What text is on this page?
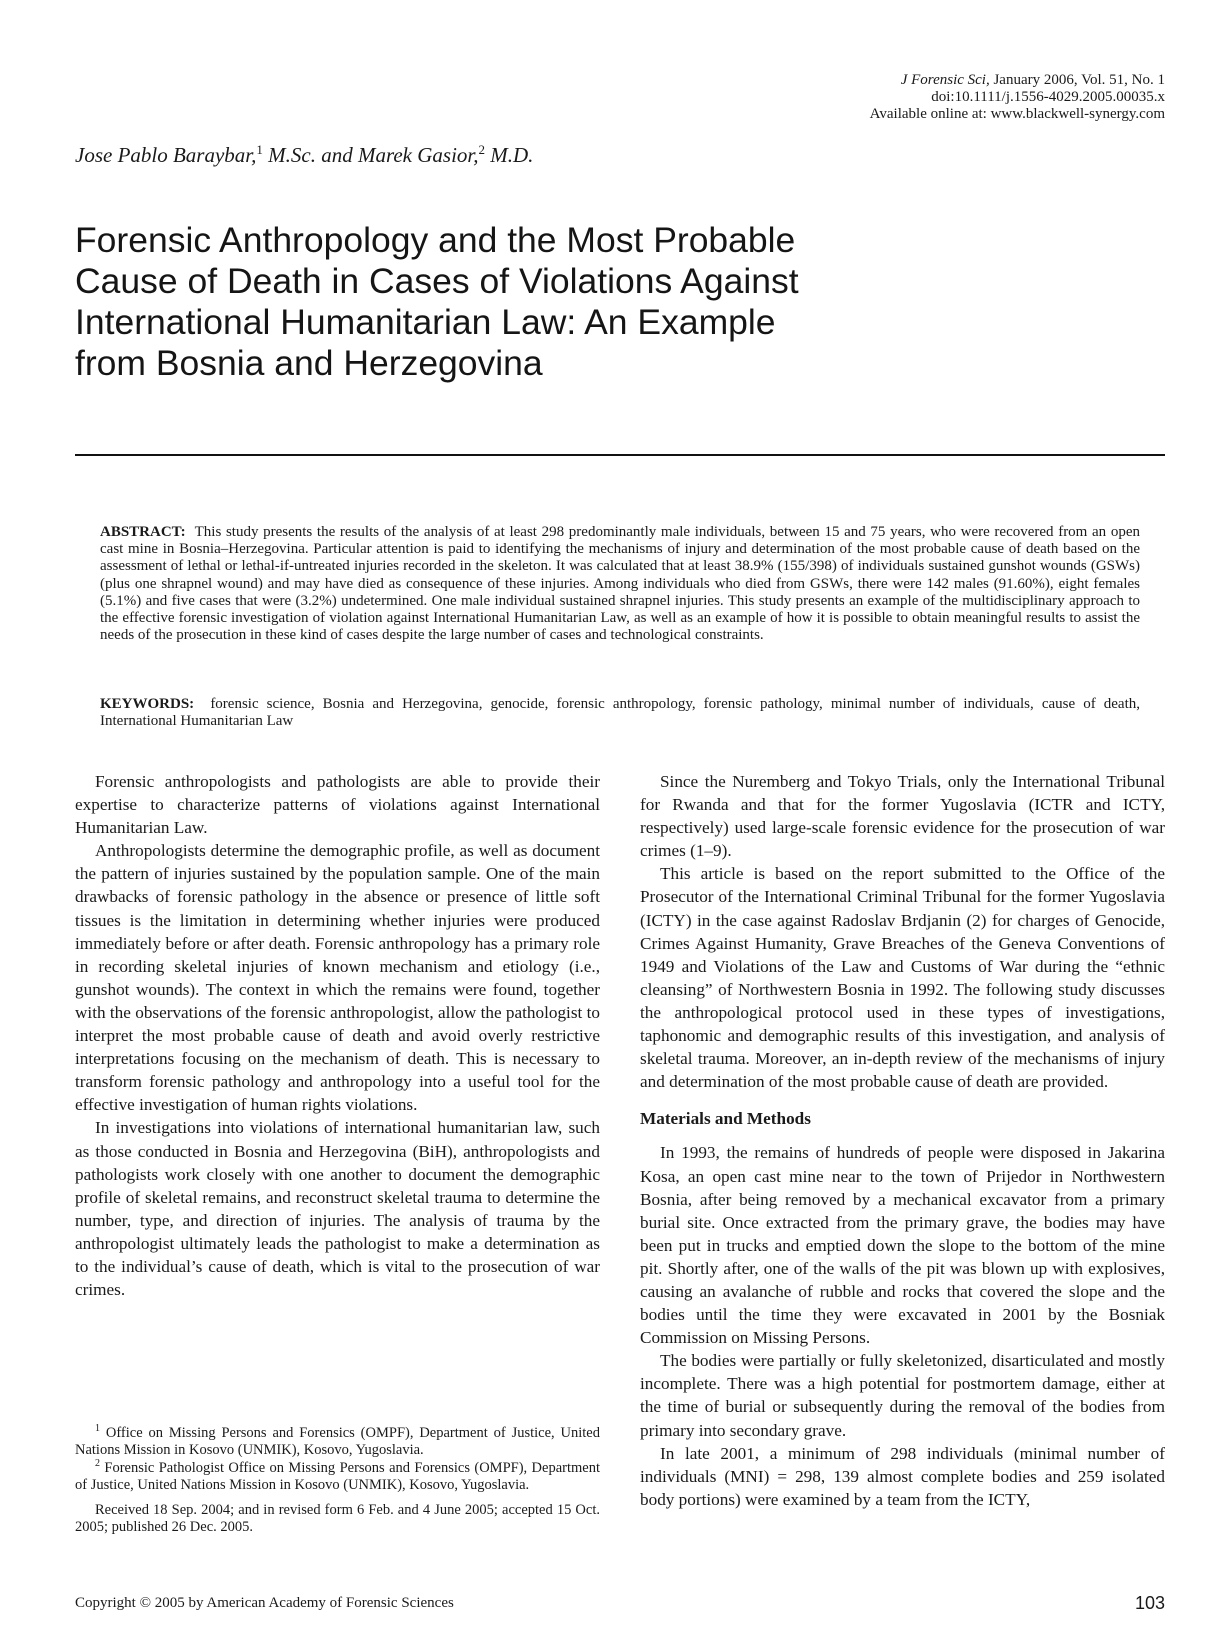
J Forensic Sci, January 2006, Vol. 51, No. 1
doi:10.1111/j.1556-4029.2005.00035.x
Available online at: www.blackwell-synergy.com
Jose Pablo Baraybar,$^1$ M.Sc. and Marek Gasior,$^2$ M.D.
Forensic Anthropology and the Most Probable
Cause of Death in Cases of Violations Against
International Humanitarian Law: An Example
from Bosnia and Herzegovina
ABSTRACT: This study presents the results of the analysis of at least 298 predominantly male individuals, between 15 and 75 years, who were recovered from an open cast mine in Bosnia–Herzegovina. Particular attention is paid to identifying the mechanisms of injury and determination of the most probable cause of death based on the assessment of lethal or lethal-if-untreated injuries recorded in the skeleton. It was calculated that at least 38.9% (155/398) of individuals sustained gunshot wounds (GSWs) (plus one shrapnel wound) and may have died as consequence of these injuries. Among individuals who died from GSWs, there were 142 males (91.60%), eight females (5.1%) and five cases that were (3.2%) undetermined. One male individual sustained shrapnel injuries. This study presents an example of the multidisciplinary approach to the effective forensic investigation of violation against International Humanitarian Law, as well as an example of how it is possible to obtain meaningful results to assist the needs of the prosecution in these kind of cases despite the large number of cases and technological constraints.
KEYWORDS: forensic science, Bosnia and Herzegovina, genocide, forensic anthropology, forensic pathology, minimal number of individuals, cause of death, International Humanitarian Law

Forensic anthropologists and pathologists are able to provide their expertise to characterize patterns of violations against International Humanitarian Law.

Anthropologists determine the demographic profile, as well as document the pattern of injuries sustained by the population sample. One of the main drawbacks of forensic pathology in the absence or presence of little soft tissues is the limitation in determining whether injuries were produced immediately before or after death. Forensic anthropology has a primary role in recording skeletal injuries of known mechanism and etiology (i.e., gunshot wounds). The context in which the remains were found, together with the observations of the forensic anthropologist, allow the pathologist to interpret the most probable cause of death and avoid overly restrictive interpretations focusing on the mechanism of death. This is necessary to transform forensic pathology and anthropology into a useful tool for the effective investigation of human rights violations.

In investigations into violations of international humanitarian law, such as those conducted in Bosnia and Herzegovina (BiH), anthropologists and pathologists work closely with one another to document the demographic profile of skeletal remains, and reconstruct skeletal trauma to determine the number, type, and direction of injuries. The analysis of trauma by the anthropologist ultimately leads the pathologist to make a determination as to the individual’s cause of death, which is vital to the prosecution of war crimes.

Since the Nuremberg and Tokyo Trials, only the International Tribunal for Rwanda and that for the former Yugoslavia (ICTR and ICTY, respectively) used large-scale forensic evidence for the prosecution of war crimes (1–9).

This article is based on the report submitted to the Office of the Prosecutor of the International Criminal Tribunal for the former Yugoslavia (ICTY) in the case against Radoslav Brdjanin (2) for charges of Genocide, Crimes Against Humanity, Grave Breaches of the Geneva Conventions of 1949 and Violations of the Law and Customs of War during the “ethnic cleansing” of Northwestern Bosnia in 1992. The following study discusses the anthropological protocol used in these types of investigations, taphonomic and demographic results of this investigation, and analysis of skeletal trauma. Moreover, an in-depth review of the mechanisms of injury and determination of the most probable cause of death are provided.

Materials and Methods

In 1993, the remains of hundreds of people were disposed in Jakarina Kosa, an open cast mine near to the town of Prijedor in Northwestern Bosnia, after being removed by a mechanical excavator from a primary burial site. Once extracted from the primary grave, the bodies may have been put in trucks and emptied down the slope to the bottom of the mine pit. Shortly after, one of the walls of the pit was blown up with explosives, causing an avalanche of rubble and rocks that covered the slope and the bodies until the time they were excavated in 2001 by the Bosniak Commission on Missing Persons.

The bodies were partially or fully skeletonized, disarticulated and mostly incomplete. There was a high potential for postmortem damage, either at the time of burial or subsequently during the removal of the bodies from primary into secondary grave.

In late 2001, a minimum of 298 individuals (minimal number of individuals (MNI) = 298, 139 almost complete bodies and 259 isolated body portions) were examined by a team from the ICTY,

$^1$ Office on Missing Persons and Forensics (OMPF), Department of Justice, United Nations Mission in Kosovo (UNMIK), Kosovo, Yugoslavia.

$^2$ Forensic Pathologist Office on Missing Persons and Forensics (OMPF), Department of Justice, United Nations Mission in Kosovo (UNMIK), Kosovo, Yugoslavia.

Received 18 Sep. 2004; and in revised form 6 Feb. and 4 June 2005; accepted 15 Oct. 2005; published 26 Dec. 2005.

Copyright © 2005 by American Academy of Forensic Sciences	103
